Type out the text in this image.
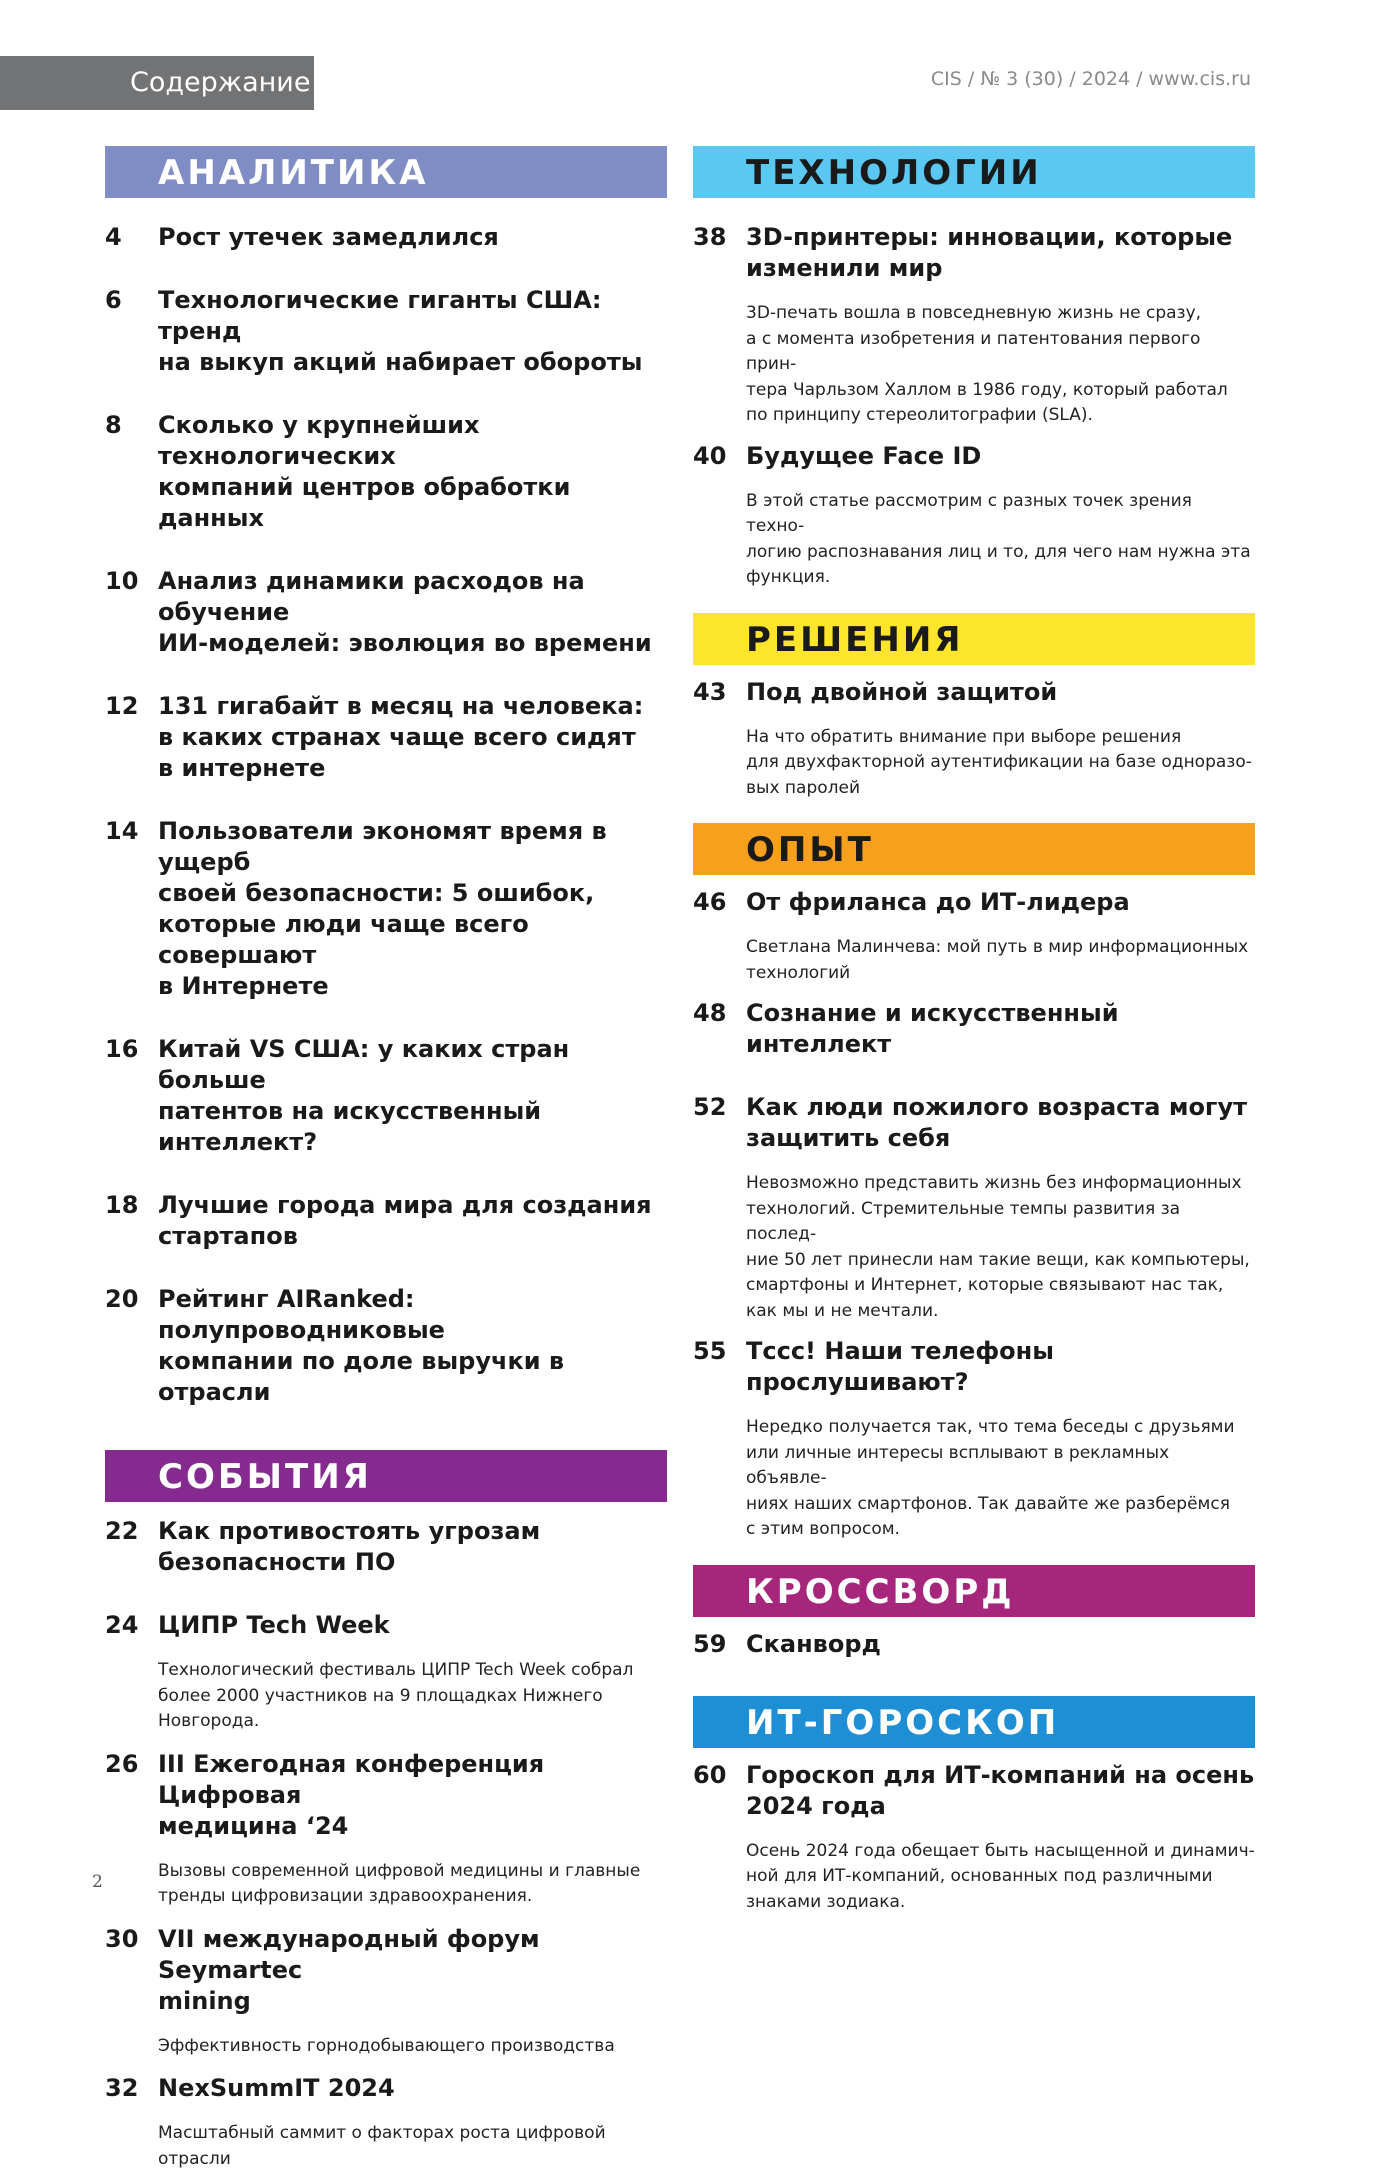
Содержание	CIS / № 3 (30) / 2024 / www.cis.ru
АНАЛИТИКА
4 Рост утечек замедлился
6 Технологические гиганты США: тренд
на выкуп акций набирает обороты
8 Сколько у крупнейших технологических
компаний центров обработки данных
10 Анализ динамики расходов на обучение
ИИ-моделей: эволюция во времени
12 131 гигабайт в месяц на человека:
в каких странах чаще всего сидят
в интернете
14 Пользователи экономят время в ущерб
своей безопасности: 5 ошибок,
которые люди чаще всего совершают
в Интернете
16 Китай VS США: у каких стран больше
патентов на искусственный интеллект?
18 Лучшие города мира для создания
стартапов
20 Рейтинг AIRanked: полупроводниковые
компании по доле выручки в отрасли
СОБЫТИЯ
22 Как противостоять угрозам
безопасности ПО
24 ЦИПР Tech Week
Технологический фестиваль ЦИПР Tech Week собрал
более 2000 участников на 9 площадках Нижнего
Новгорода.
26 III Ежегодная конференция Цифровая
медицина ‘24
Вызовы современной цифровой медицины и главные
тренды цифровизации здравоохранения.
30 VII международный форум Seymartec
mining
Эффективность горнодобывающего производства
32 NexSummIT 2024
Масштабный саммит о факторах роста цифровой
отрасли
ТЕХНОЛОГИИ
38 3D-принтеры: инновации, которые
изменили мир
3D-печать вошла в повседневную жизнь не сразу,
а с момента изобретения и патентования первого прин-
тера Чарльзом Халлом в 1986 году, который работал
по принципу стереолитографии (SLA).
40 Будущее Face ID
В этой статье рассмотрим с разных точек зрения техно-
логию распознавания лиц и то, для чего нам нужна эта
функция.
РЕШЕНИЯ
43 Под двойной защитой
На что обратить внимание при выборе решения
для двухфакторной аутентификации на базе одноразо-
вых паролей
ОПЫТ
46 От фриланса до ИТ-лидера
Светлана Малинчева: мой путь в мир информационных
технологий
48 Сознание и искусственный интеллект
52 Как люди пожилого возраста могут
защитить себя
Невозможно представить жизнь без информационных
технологий. Стремительные темпы развития за послед-
ние 50 лет принесли нам такие вещи, как компьютеры,
смартфоны и Интернет, которые связывают нас так,
как мы и не мечтали.
55 Тссс! Наши телефоны прослушивают?
Нередко получается так, что тема беседы с друзьями
или личные интересы всплывают в рекламных объявле-
ниях наших смартфонов. Так давайте же разберёмся
с этим вопросом.
КРОССВОРД
59 Сканворд
ИТ-ГОРОСКОП
60 Гороскоп для ИТ-компаний на осень
2024 года
Осень 2024 года обещает быть насыщенной и динамич-
ной для ИТ-компаний, основанных под различными
знаками зодиака.
2
